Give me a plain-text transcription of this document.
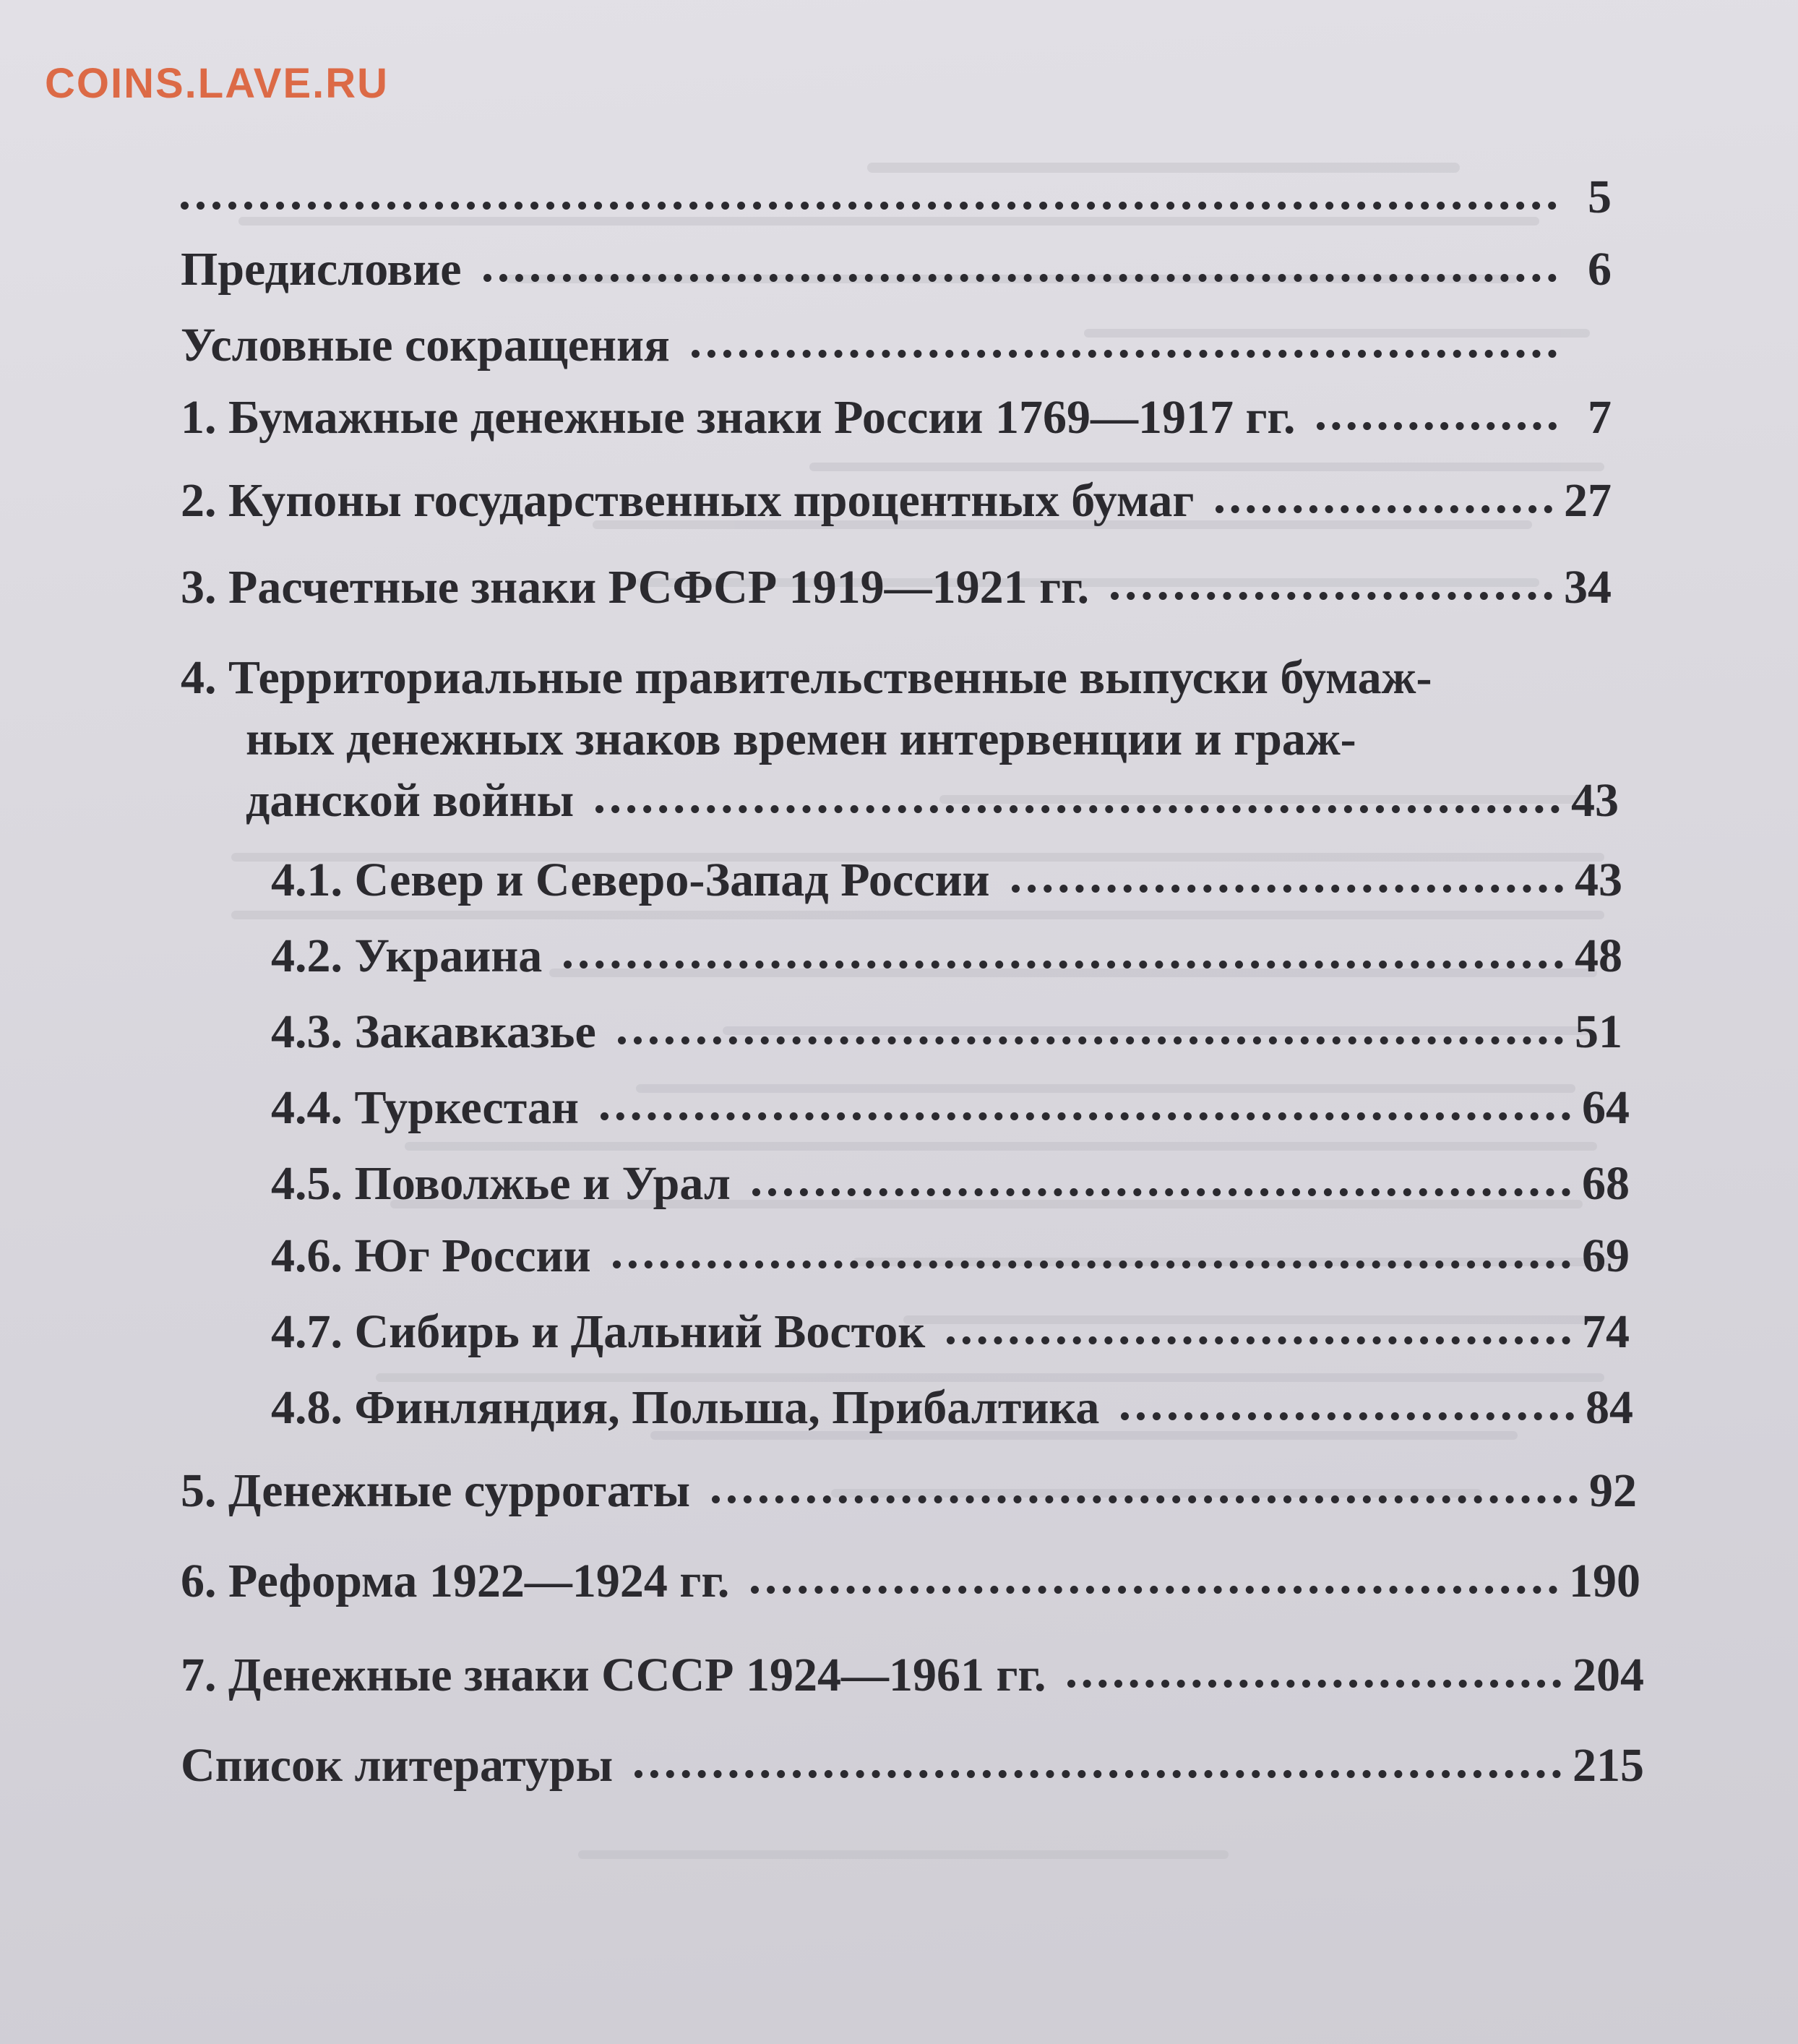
COINS.LAVE.RU
5
Предисловие	6
Условные сокращения
1. Бумажные денежные знаки России 1769—1917 гг.	7
2. Купоны государственных процентных бумаг	27
3. Расчетные знаки РСФСР 1919—1921 гг.	34
4. Территориальные правительственные выпуски бумаж-
ных денежных знаков времен интервенции и граж-
данской войны	43
4.1. Север и Северо-Запад России	43
4.2. Украина	48
4.3. Закавказье	51
4.4. Туркестан	64
4.5. Поволжье и Урал	68
4.6. Юг России	69
4.7. Сибирь и Дальний Восток	74
4.8. Финляндия, Польша, Прибалтика	84
5. Денежные суррогаты	92
6. Реформа 1922—1924 гг.	190
7. Денежные знаки СССР 1924—1961 гг.	204
Список литературы	215
